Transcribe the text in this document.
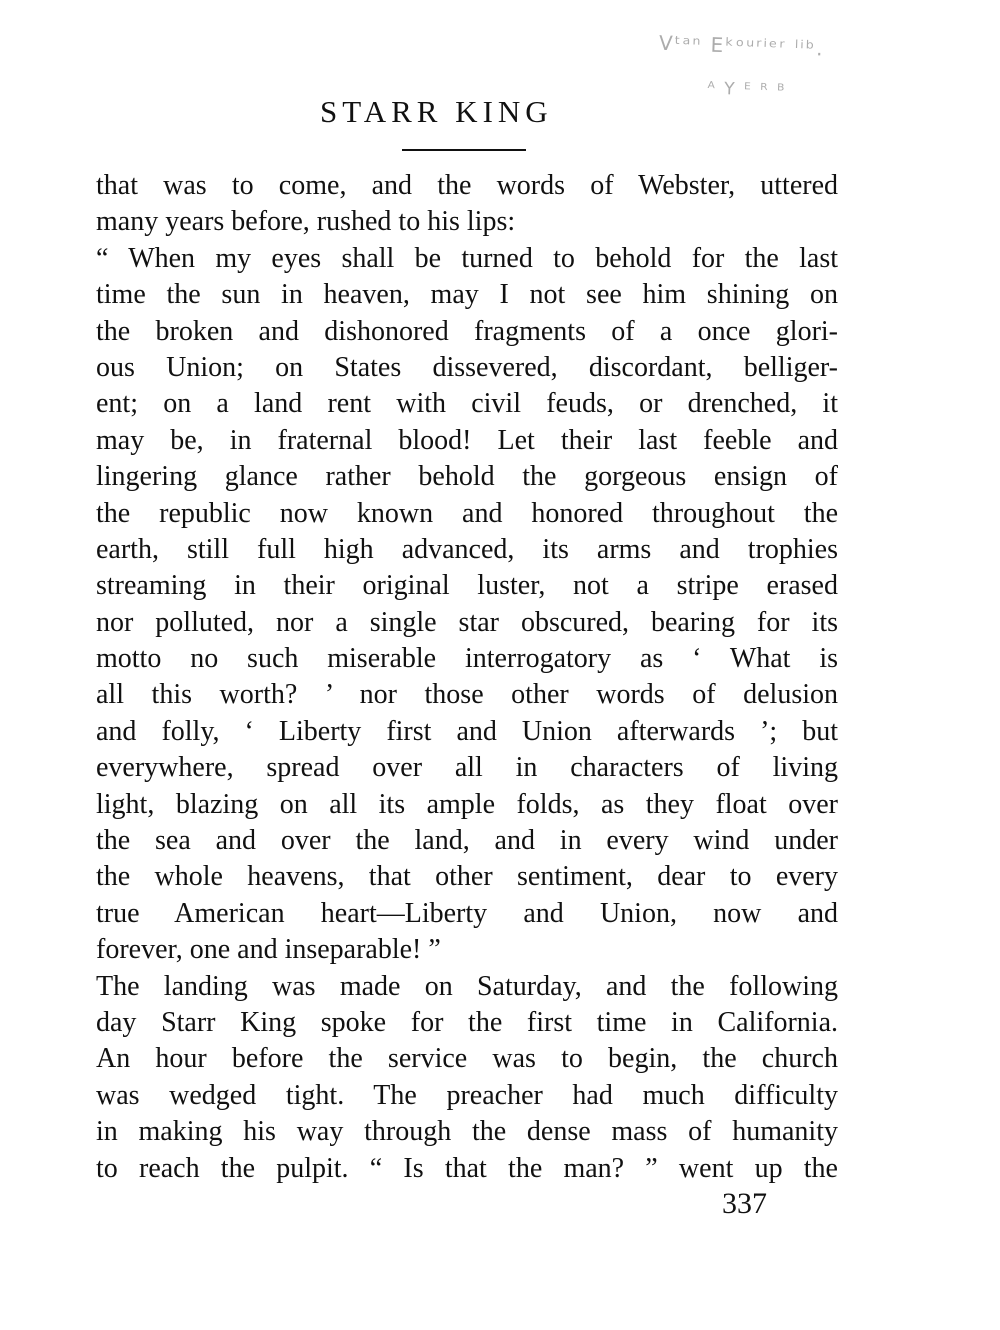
STARR KING
Vᵗᵃⁿ Eᵏᵒᵘʳⁱᵉʳ ˡⁱᵇ.
ᴬ Y ᴱ ᴿ ᴮ
that was to come, and the words of Webster, uttered
many years before, rushed to his lips:
“ When my eyes shall be turned to behold for the last
time the sun in heaven, may I not see him shining on
the broken and dishonored fragments of a once glori-
ous Union; on States dissevered, discordant, belliger-
ent; on a land rent with civil feuds, or drenched, it
may be, in fraternal blood! Let their last feeble and
lingering glance rather behold the gorgeous ensign of
the republic now known and honored throughout the
earth, still full high advanced, its arms and trophies
streaming in their original luster, not a stripe erased
nor polluted, nor a single star obscured, bearing for its
motto no such miserable interrogatory as ‘ What is
all this worth? ’ nor those other words of delusion
and folly, ‘ Liberty first and Union afterwards ’; but
everywhere, spread over all in characters of living
light, blazing on all its ample folds, as they float over
the sea and over the land, and in every wind under
the whole heavens, that other sentiment, dear to every
true American heart—Liberty and Union, now and
forever, one and inseparable! ”
The landing was made on Saturday, and the following
day Starr King spoke for the first time in California.
An hour before the service was to begin, the church
was wedged tight. The preacher had much difficulty
in making his way through the dense mass of humanity
to reach the pulpit. “ Is that the man? ” went up the
337
